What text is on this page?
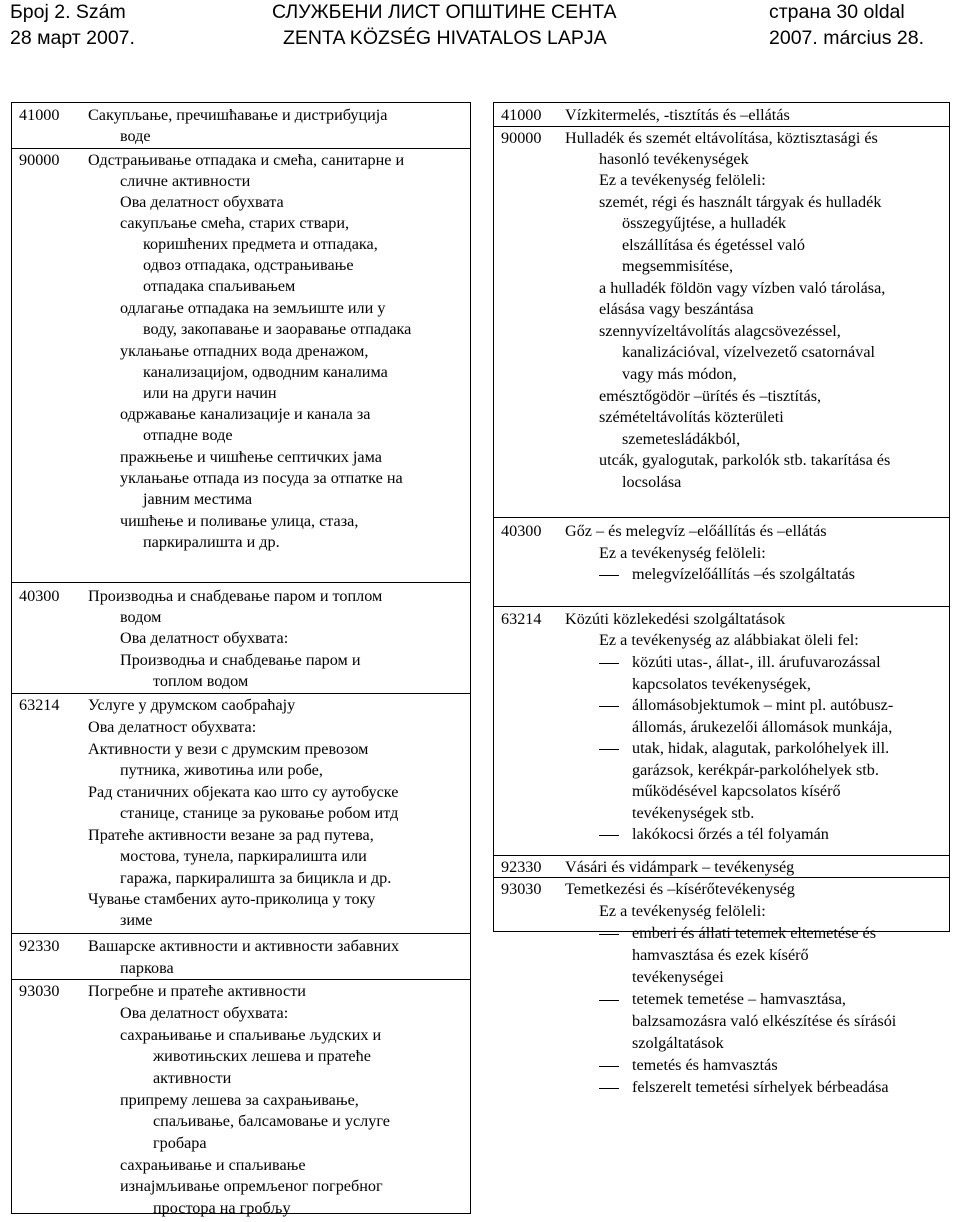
Број 2. Szám
28 март 2007.
СЛУЖБЕНИ ЛИСТ ОПШТИНЕ СЕНТА
ZENTA KÖZSÉG HIVATALOS LAPJA
страна 30 oldal
2007. március 28.
41000 Сакупљање, пречишћавање и дистрибуција
воде
90000 Одстрањивање отпадака и смећа, санитарне и
сличне активности
Ова делатност обухвата
сакупљање смећа, старих ствари,
коришћених предмета и отпадака,
одвоз отпадака, одстрањивање
отпадака спаљивањем
одлагање отпадака на земљиште или у
воду, закопавање и заоравање отпадака
уклањање отпадних вода дренажом,
канализацијом, одводним каналима
или на други начин
одржавање канализације и канала за
отпадне воде
пражњење и чишћење септичких јама
уклањање отпада из посуда за отпатке на
јавним местима
чишћење и поливање улица, стаза,
паркиралишта и др.
40300 Производња и снабдевање паром и топлом
водом
Ова делатност обухвата:
Производња и снабдевање паром и
топлом водом
63214 Услуге у друмском саобраћају
Ова делатност обухвата:
Активности у вези с друмским превозом
путника, животиња или робе,
Рад станичних објеката као што су аутобуске
станице, станице за руковање робом итд
Пратеће активности везане за рад путева,
мостова, тунела, паркиралишта или
гаража, паркиралишта за бицикла и др.
Чување стамбених ауто-приколица у току
зиме
92330 Вашарске активности и активности забавних
паркова
93030 Погребне и пратеће активности
Ова делатност обухвата:
сахрањивање и спаљивање људских и
животињских лешева и пратеће
активности
припрему лешева за сахрањивање,
спаљивање, балсамовање и услуге
гробара
сахрањивање и спаљивање
изнајмљивање опремљеног погребног
простора на гробљу
41000 Vízkitermelés, -tisztítás és –ellátás
90000 Hulladék és szemét eltávolítása, köztisztasági és
hasonló tevékenységek
Ez a tevékenység felöleli:
szemét, régi és használt tárgyak és hulladék
összegyűjtése, a hulladék
elszállítása és égetéssel való
megsemmisítése,
a hulladék földön vagy vízben való tárolása,
elásása vagy beszántása
szennyvízeltávolítás alagcsövezéssel,
kanalizációval, vízelvezető csatornával
vagy más módon,
emésztőgödör –ürítés és –tisztítás,
szémételtávolítás közterületi
szemetesládákból,
utcák, gyalogutak, parkolók stb. takarítása és
locsolása
40300 Gőz – és melegvíz –előállítás és –ellátás
Ez a tevékenység felöleli:
melegvízelőállítás –és szolgáltatás
63214 Közúti közlekedési szolgáltatások
Ez a tevékenység az alábbiakat öleli fel:
közúti utas-, állat-, ill. árufuvarozással
kapcsolatos tevékenységek,
állomásobjektumok – mint pl. autóbusz-
állomás, árukezelői állomások munkája,
utak, hidak, alagutak, parkolóhelyek ill.
garázsok, kerékpár-parkolóhelyek stb.
működésével kapcsolatos kísérő
tevékenységek stb.
lakókocsi őrzés a tél folyamán
92330 Vásári és vidámpark – tevékenység
93030 Temetkezési és –kísérőtevékenység
Ez a tevékenység felöleli:
emberi és állati tetemek eltemetése és
hamvasztása és ezek kísérő
tevékenységei
tetemek temetése – hamvasztása,
balzsamozásra való elkészítése és sírásói
szolgáltatások
temetés és hamvasztás
felszerelt temetési sírhelyek bérbeadása
